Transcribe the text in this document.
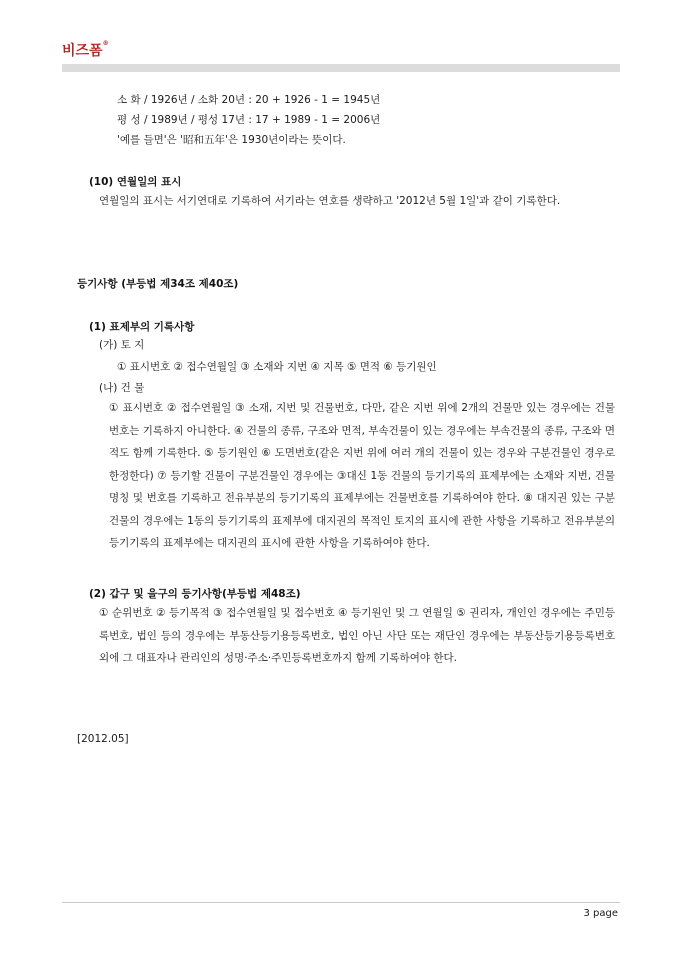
비즈폼®
소 화 / 1926년 / 소화 20년 : 20 + 1926 - 1 = 1945년
평 성 / 1989년 / 평성 17년 : 17 + 1989 - 1 = 2006년
'예를 들면'은 '昭和五年'은 1930년이라는 뜻이다.
(10) 연월일의 표시
연월일의 표시는 서기연대로 기록하여 서기라는 연호를 생략하고 '2012년 5월 1일'과 같이 기록한다.
등기사항 (부등법 제34조 제40조)
(1) 표제부의 기록사항
(가) 토 지
① 표시번호 ② 접수연월일 ③ 소재와 지번 ④ 지목 ⑤ 면적 ⑥ 등기원인
(나) 건 물
① 표시번호 ② 접수연월일 ③ 소재, 지번 및 건물번호, 다만, 같은 지번 위에 2개의 건물만 있는 경우에는 건물번호는 기록하지 아니한다. ④ 건물의 종류, 구조와 면적, 부속건물이 있는 경우에는 부속건물의 종류, 구조와 면적도 함께 기록한다. ⑤ 등기원인 ⑥ 도면번호(같은 지번 위에 여러 개의 건물이 있는 경우와 구분건물인 경우로 한정한다) ⑦ 등기할 건물이 구분건물인 경우에는 ③대신 1동 건물의 등기기록의 표제부에는 소재와 지번, 건물명칭 및 번호를 기록하고 전유부분의 등기기록의 표제부에는 건물번호를 기록하여야 한다. ⑧ 대지권 있는 구분건물의 경우에는 1동의 등기기록의 표제부에 대지권의 목적인 토지의 표시에 관한 사항을 기록하고 전유부분의 등기기록의 표제부에는 대지권의 표시에 관한 사항을 기록하여야 한다.
(2) 갑구 및 을구의 등기사항(부등법 제48조)
① 순위번호 ② 등기목적 ③ 접수연월일 및 접수번호 ④ 등기원인 및 그 연월일 ⑤ 권리자, 개인인 경우에는 주민등록번호, 법인 등의 경우에는 부동산등기용등록번호, 법인 아닌 사단 또는 재단인 경우에는 부동산등기용등록번호 외에 그 대표자나 관리인의 성명·주소·주민등록번호까지 함께 기록하여야 한다.
[2012.05]
3 page
